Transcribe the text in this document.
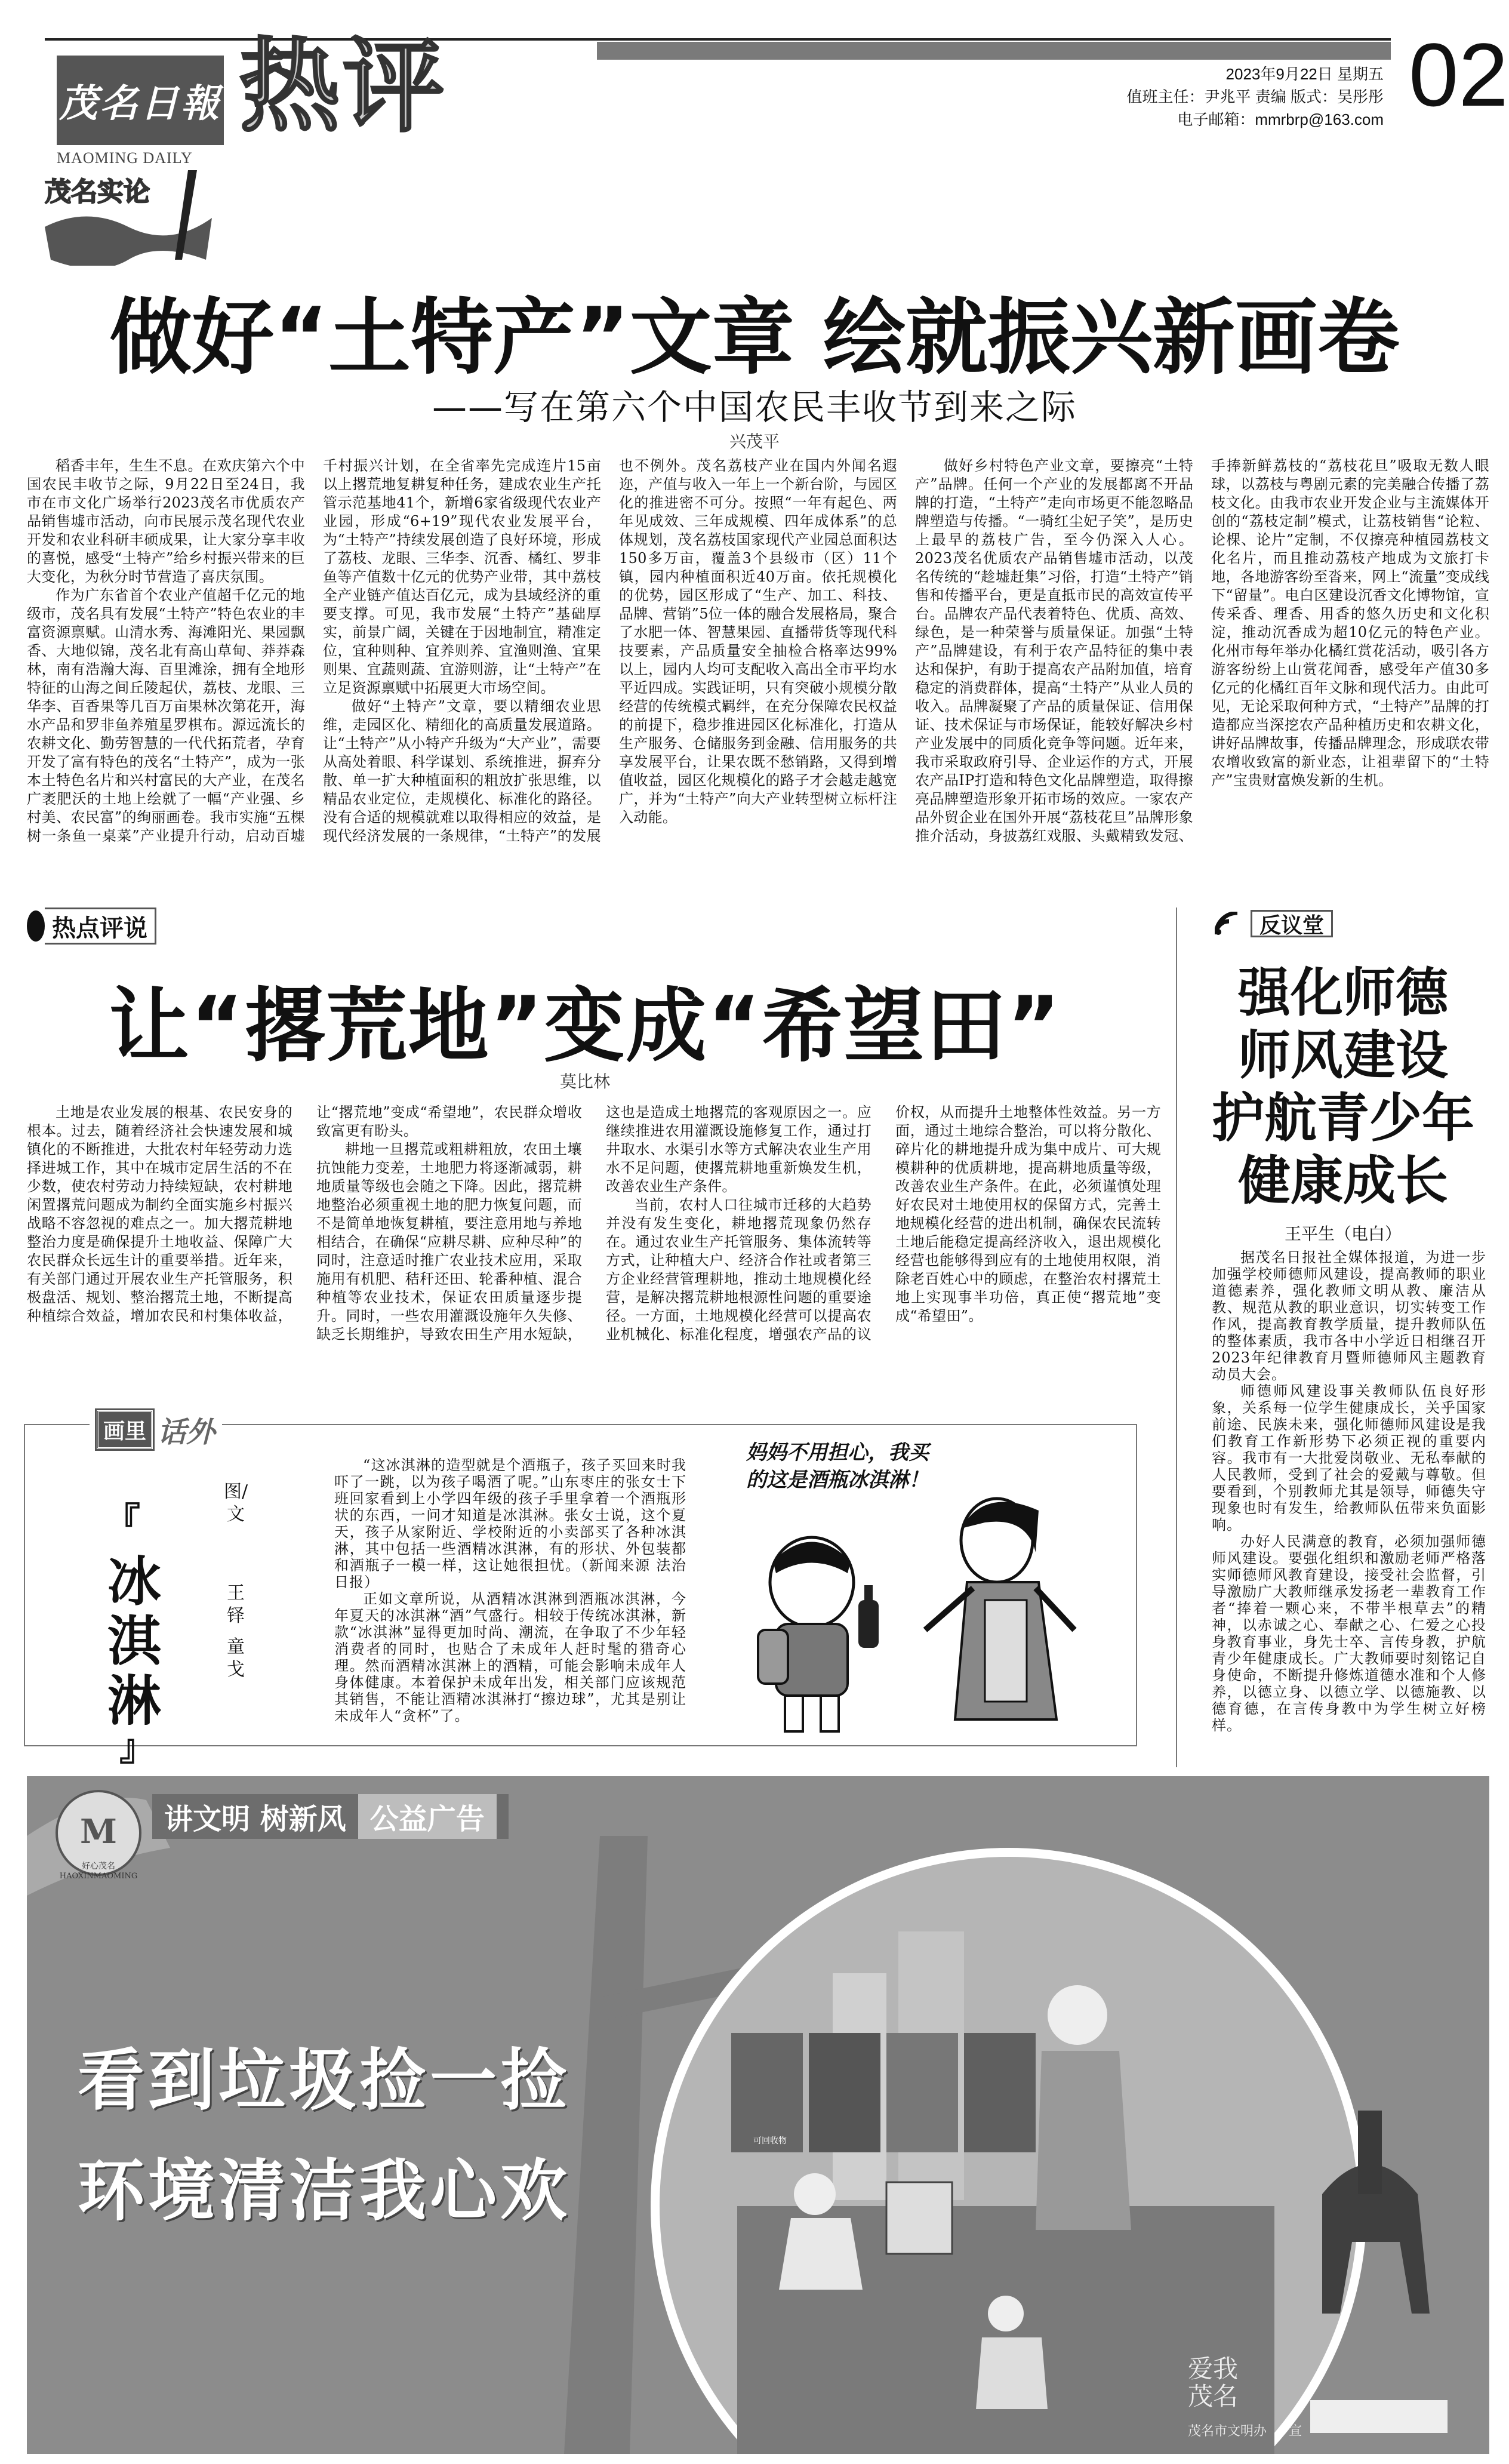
茂名日報
MAOMING DAILY
热评	2023年9月22日 星期五
值班主任：尹兆平 责编 版式：吴彤彤
电子邮箱：mmrbrp@163.com 02
茂名实论
做好“土特产”文章 绘就振兴新画卷
——写在第六个中国农民丰收节到来之际
兴茂平

稻香丰年，生生不息。在欢庆第六个中国农民丰收节之际，9月22日至24日，我市在市文化广场举行2023茂名市优质农产品销售墟市活动，向市民展示茂名现代农业开发和农业科研丰硕成果，让大家分享丰收的喜悦，感受“土特产”给乡村振兴带来的巨大变化，为秋分时节营造了喜庆氛围。

作为广东省首个农业产值超千亿元的地级市，茂名具有发展“土特产”特色农业的丰富资源禀赋。山清水秀、海滩阳光、果园飘香、大地似锦，茂名北有高山草甸、莽莽森林，南有浩瀚大海、百里滩涂，拥有全地形特征的山海之间丘陵起伏，荔枝、龙眼、三华李、百香果等几百万亩果林次第花开，海水产品和罗非鱼养殖星罗棋布。源远流长的农耕文化、勤劳智慧的一代代拓荒者，孕育开发了富有特色的茂名“土特产”，成为一张本土特色名片和兴村富民的大产业，在茂名广袤肥沃的土地上绘就了一幅“产业强、乡村美、农民富”的绚丽画卷。我市实施“五棵树一条鱼一桌菜”产业提升行动，启动百墟千村振兴计划，在全省率先完成连片15亩以上撂荒地复耕复种任务，建成农业生产托管示范基地41个，新增6家省级现代农业产业园，形成“6+19”现代农业发展平台，为“土特产”持续发展创造了良好环境，形成了荔枝、龙眼、三华李、沉香、橘红、罗非鱼等产值数十亿元的优势产业带，其中荔枝全产业链产值达百亿元，成为县域经济的重要支撑。可见，我市发展“土特产”基础厚实，前景广阔，关键在于因地制宜，精准定位，宜种则种、宜养则养、宜渔则渔、宜果则果、宜蔬则蔬、宜游则游，让“土特产”在立足资源禀赋中拓展更大市场空间。

做好“土特产”文章，要以精细农业思维，走园区化、精细化的高质量发展道路。让“土特产”从小特产升级为“大产业”，需要从高处着眼、科学谋划、系统推进，摒弃分散、单一扩大种植面积的粗放扩张思维，以精品农业定位，走规模化、标准化的路径。没有合适的规模就难以取得相应的效益，是现代经济发展的一条规律，“土特产”的发展也不例外。茂名荔枝产业在国内外闻名遐迩，产值与收入一年上一个新台阶，与园区化的推进密不可分。按照“一年有起色、两年见成效、三年成规模、四年成体系”的总体规划，茂名荔枝国家现代产业园总面积达150多万亩，覆盖3个县级市（区）11个镇，园内种植面积近40万亩。依托规模化的优势，园区形成了“生产、加工、科技、品牌、营销”5位一体的融合发展格局，聚合了水肥一体、智慧果园、直播带货等现代科技要素，产品质量安全抽检合格率达99%以上，园内人均可支配收入高出全市平均水平近四成。实践证明，只有突破小规模分散经营的传统模式羁绊，在充分保障农民权益的前提下，稳步推进园区化标准化，打造从生产服务、仓储服务到金融、信用服务的共享发展平台，让果农既不愁销路，又得到增值收益，园区化规模化的路子才会越走越宽广，并为“土特产”向大产业转型树立标杆注入动能。

做好乡村特色产业文章，要擦亮“土特产”品牌。任何一个产业的发展都离不开品牌的打造，“土特产”走向市场更不能忽略品牌塑造与传播。“一骑红尘妃子笑”，是历史上最早的荔枝广告，至今仍深入人心。2023茂名优质农产品销售墟市活动，以茂名传统的“趁墟赶集”习俗，打造“土特产”销售和传播平台，更是直抵市民的高效宣传平台。品牌农产品代表着特色、优质、高效、绿色，是一种荣誉与质量保证。加强“土特产”品牌建设，有利于农产品特征的集中表达和保护，有助于提高农产品附加值，培育稳定的消费群体，提高“土特产”从业人员的收入。品牌凝聚了产品的质量保证、信用保证、技术保证与市场保证，能较好解决乡村产业发展中的同质化竞争等问题。近年来，我市采取政府引导、企业运作的方式，开展农产品IP打造和特色文化品牌塑造，取得擦亮品牌塑造形象开拓市场的效应。一家农产品外贸企业在国外开展“荔枝花旦”品牌形象推介活动，身披荔红戏服、头戴精致发冠、手捧新鲜荔枝的“荔枝花旦”吸取无数人眼球，以荔枝与粤剧元素的完美融合传播了荔枝文化。由我市农业开发企业与主流媒体开创的“荔枝定制”模式，让荔枝销售“论粒、论棵、论片”定制，不仅擦亮种植园荔枝文化名片，而且推动荔枝产地成为文旅打卡地，各地游客纷至沓来，网上“流量”变成线下“留量”。电白区建设沉香文化博物馆，宣传采香、理香、用香的悠久历史和文化积淀，推动沉香成为超10亿元的特色产业。化州市每年举办化橘红赏花活动，吸引各方游客纷纷上山赏花闻香，感受年产值30多亿元的化橘红百年文脉和现代活力。由此可见，无论采取何种方式，“土特产”品牌的打造都应当深挖农产品种植历史和农耕文化，讲好品牌故事，传播品牌理念，形成联农带农增收致富的新业态，让祖辈留下的“土特产”宝贵财富焕发新的生机。

热点评说
让“撂荒地”变成“希望田”
莫比林

土地是农业发展的根基、农民安身的根本。过去，随着经济社会快速发展和城镇化的不断推进，大批农村年轻劳动力选择进城工作，其中在城市定居生活的不在少数，使农村劳动力持续短缺，农村耕地闲置撂荒问题成为制约全面实施乡村振兴战略不容忽视的难点之一。加大撂荒耕地整治力度是确保提升土地收益、保障广大农民群众长远生计的重要举措。近年来，有关部门通过开展农业生产托管服务，积极盘活、规划、整治撂荒土地，不断提高种植综合效益，增加农民和村集体收益，让“撂荒地”变成“希望地”，农民群众增收致富更有盼头。

耕地一旦撂荒或粗耕粗放，农田土壤抗蚀能力变差，土地肥力将逐渐减弱，耕地质量等级也会随之下降。因此，撂荒耕地整治必须重视土地的肥力恢复问题，而不是简单地恢复耕植，要注意用地与养地相结合，在确保“应耕尽耕、应种尽种”的同时，注意适时推广农业技术应用，采取施用有机肥、秸秆还田、轮番种植、混合种植等农业技术，保证农田质量逐步提升。同时，一些农用灌溉设施年久失修、缺乏长期维护，导致农田生产用水短缺，这也是造成土地撂荒的客观原因之一。应继续推进农用灌溉设施修复工作，通过打井取水、水渠引水等方式解决农业生产用水不足问题，使撂荒耕地重新焕发生机，改善农业生产条件。

当前，农村人口往城市迁移的大趋势并没有发生变化，耕地撂荒现象仍然存在。通过农业生产托管服务、集体流转等方式，让种植大户、经济合作社或者第三方企业经营管理耕地，推动土地规模化经营，是解决撂荒耕地根源性问题的重要途径。一方面，土地规模化经营可以提高农业机械化、标准化程度，增强农产品的议价权，从而提升土地整体性效益。另一方面，通过土地综合整治，可以将分散化、碎片化的耕地提升成为集中成片、可大规模耕种的优质耕地，提高耕地质量等级，改善农业生产条件。在此，必须谨慎处理好农民对土地使用权的保留方式，完善土地规模化经营的进出机制，确保农民流转土地后能稳定提高经济收入，退出规模化经营也能够得到应有的土地使用权限，消除老百姓心中的顾虑，在整治农村撂荒土地上实现事半功倍，真正使“撂荒地”变成“希望田”。

画里 话外
『
冰淇淋
』
图/文
王铎
童戈

“这冰淇淋的造型就是个酒瓶子，孩子买回来时我吓了一跳，以为孩子喝酒了呢。”山东枣庄的张女士下班回家看到上小学四年级的孩子手里拿着一个酒瓶形状的东西，一问才知道是冰淇淋。张女士说，这个夏天，孩子从家附近、学校附近的小卖部买了各种冰淇淋，其中包括一些酒精冰淇淋，有的形状、外包装都和酒瓶子一模一样，这让她很担忧。（新闻来源 法治日报）

正如文章所说，从酒精冰淇淋到酒瓶冰淇淋，今年夏天的冰淇淋“酒”气盛行。相较于传统冰淇淋，新款“冰淇淋”显得更加时尚、潮流，在争取了不少年轻消费者的同时，也贴合了未成年人赶时髦的猎奇心理。然而酒精冰淇淋上的酒精，可能会影响未成年人身体健康。本着保护未成年出发，相关部门应该规范其销售，不能让酒精冰淇淋打“擦边球”，尤其是别让未成年人“贪杯”了。

妈妈不用担心，我买的这是酒瓶冰淇淋！
反议堂
强化师德
师风建设
护航青少年
健康成长
王平生（电白）

据茂名日报社全媒体报道，为进一步加强学校师德师风建设，提高教师的职业道德素养，强化教师文明从教、廉洁从教、规范从教的职业意识，切实转变工作作风，提高教育教学质量，提升教师队伍的整体素质，我市各中小学近日相继召开2023年纪律教育月暨师德师风主题教育动员大会。

师德师风建设事关教师队伍良好形象，关系每一位学生健康成长，关乎国家前途、民族未来，强化师德师风建设是我们教育工作新形势下必须正视的重要内容。我市有一大批爱岗敬业、无私奉献的人民教师，受到了社会的爱戴与尊敬。但要看到，个别教师尤其是领导，师德失守现象也时有发生，给教师队伍带来负面影响。

办好人民满意的教育，必须加强师德师风建设。要强化组织和激励老师严格落实师德师风教育建设，接受社会监督，引导激励广大教师继承发扬老一辈教育工作者“捧着一颗心来，不带半根草去”的精神，以赤诚之心、奉献之心、仁爱之心投身教育事业，身先士卒、言传身教，护航青少年健康成长。广大教师要时刻铭记自身使命，不断提升修炼道德水准和个人修养，以德立身、以德立学、以德施教、以德育德，在言传身教中为学生树立好榜样。

M
HAOXINMAOMING
好心茂名
讲文明 树新风 公益广告
看到垃圾捡一捡
环境清洁我心欢
可回收物
爱我
茂名
茂名市文明办 宣
